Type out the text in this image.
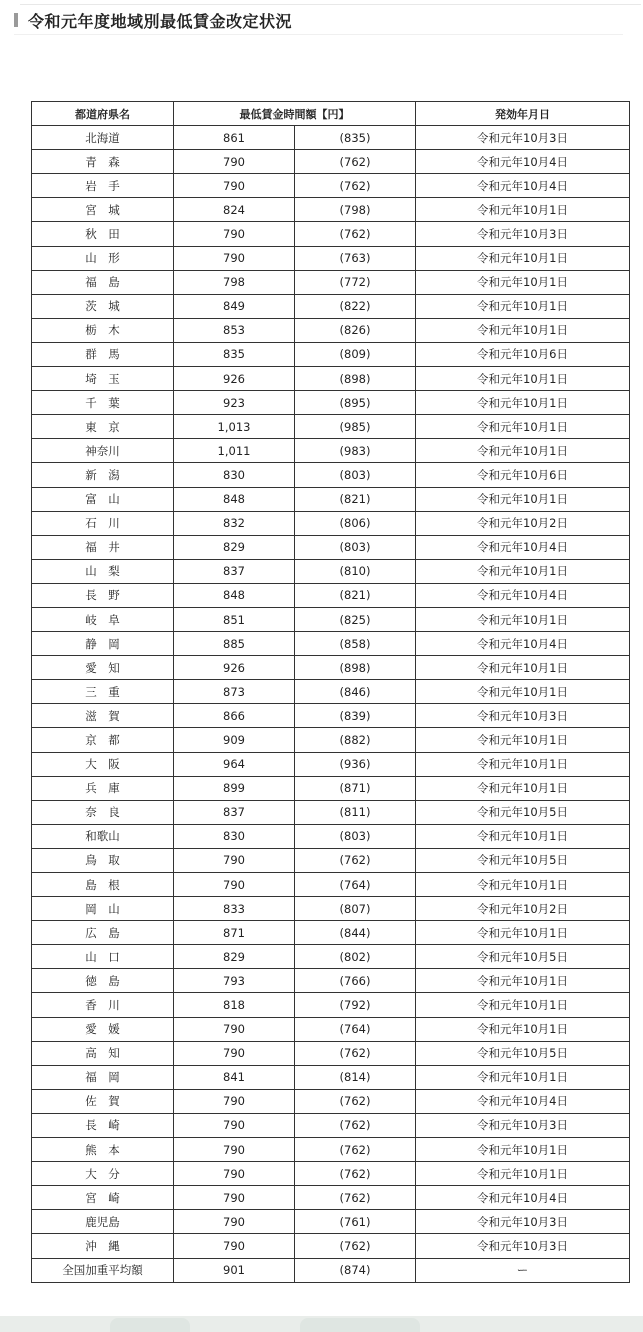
令和元年度地域別最低賃金改定状況
都道府県名	最低賃金時間額【円】		発効年月日
北海道	861	(835)	令和元年10月3日
青　森	790	(762)	令和元年10月4日
岩　手	790	(762)	令和元年10月4日
宮　城	824	(798)	令和元年10月1日
秋　田	790	(762)	令和元年10月3日
山　形	790	(763)	令和元年10月1日
福　島	798	(772)	令和元年10月1日
茨　城	849	(822)	令和元年10月1日
栃　木	853	(826)	令和元年10月1日
群　馬	835	(809)	令和元年10月6日
埼　玉	926	(898)	令和元年10月1日
千　葉	923	(895)	令和元年10月1日
東　京	1,013	(985)	令和元年10月1日
神奈川	1,011	(983)	令和元年10月1日
新　潟	830	(803)	令和元年10月6日
富　山	848	(821)	令和元年10月1日
石　川	832	(806)	令和元年10月2日
福　井	829	(803)	令和元年10月4日
山　梨	837	(810)	令和元年10月1日
長　野	848	(821)	令和元年10月4日
岐　阜	851	(825)	令和元年10月1日
静　岡	885	(858)	令和元年10月4日
愛　知	926	(898)	令和元年10月1日
三　重	873	(846)	令和元年10月1日
滋　賀	866	(839)	令和元年10月3日
京　都	909	(882)	令和元年10月1日
大　阪	964	(936)	令和元年10月1日
兵　庫	899	(871)	令和元年10月1日
奈　良	837	(811)	令和元年10月5日
和歌山	830	(803)	令和元年10月1日
鳥　取	790	(762)	令和元年10月5日
島　根	790	(764)	令和元年10月1日
岡　山	833	(807)	令和元年10月2日
広　島	871	(844)	令和元年10月1日
山　口	829	(802)	令和元年10月5日
徳　島	793	(766)	令和元年10月1日
香　川	818	(792)	令和元年10月1日
愛　媛	790	(764)	令和元年10月1日
高　知	790	(762)	令和元年10月5日
福　岡	841	(814)	令和元年10月1日
佐　賀	790	(762)	令和元年10月4日
長　崎	790	(762)	令和元年10月3日
熊　本	790	(762)	令和元年10月1日
大　分	790	(762)	令和元年10月1日
宮　崎	790	(762)	令和元年10月4日
鹿児島	790	(761)	令和元年10月3日
沖　縄	790	(762)	令和元年10月3日
全国加重平均額	901	(874)	ー
